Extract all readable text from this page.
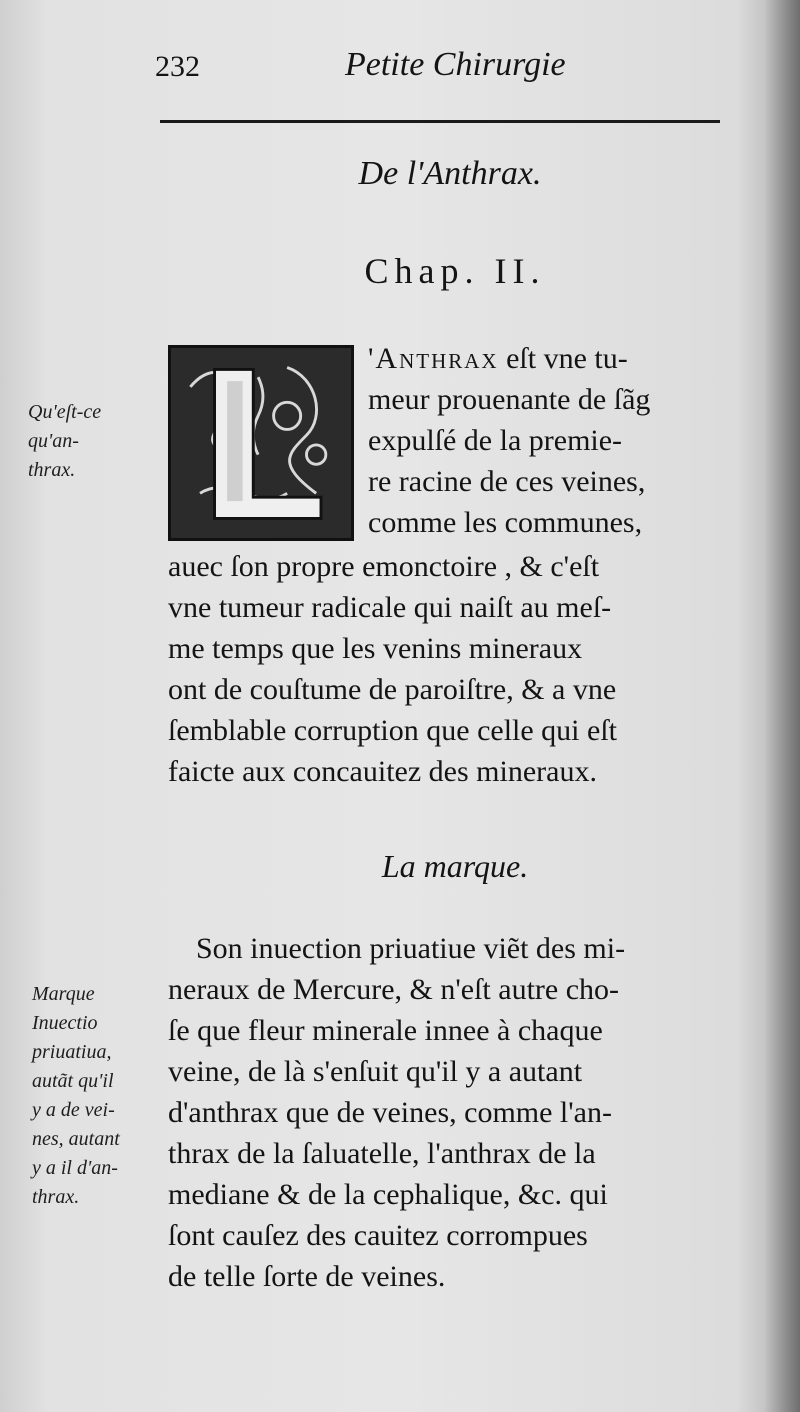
232	Petite Chirurgie
De l'Anthrax.
Chap. II.
'Anthrax eſt vne tu-
meur prouenante de ſãg
expulſé de la premie-
re racine de ces veines,
comme les communes,
auec ſon propre emonctoire , & c'eſt
vne tumeur radicale qui naiſt au meſ-
me temps que les venins mineraux
ont de couſtume de paroiſtre, & a vne
ſemblable corruption que celle qui eſt
faicte aux concauitez des mineraux.
La marque.
Son inuection priuatiue viẽt des mi-
neraux de Mercure, & n'eſt autre cho-
ſe que fleur minerale innee à chaque
veine, de là s'enſuit qu'il y a autant
d'anthrax que de veines, comme l'an-
thrax de la ſaluatelle, l'anthrax de la
mediane & de la cephalique, &c. qui
ſont cauſez des cauitez corrompues
de telle ſorte de veines.
Qu'eſt-ce
qu'an-
thrax.
Marque
Inuectio
priuatiua,
autãt qu'il
y a de vei-
nes, autant
y a il d'an-
thrax.
